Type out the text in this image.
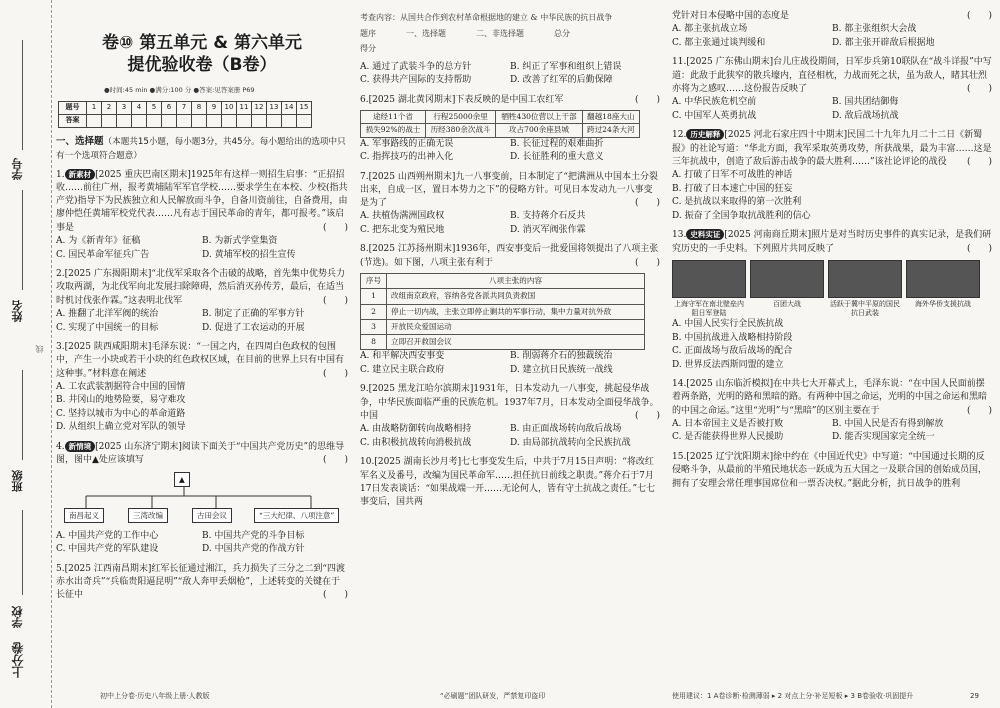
学号
姓名
线
班级
学校
上分卷
卷⑩ 第五单元 & 第六单元
提优验收卷（B卷）
●时间:45 min ●满分:100 分 ●答案:见答案册 P69
题号	1	2	3	4	5	6	7	8	9	10	11	12	13	14	15
答案															
一、选择题（本题共15小题，每小题3分，共45分。每小题给出的选项中只有一个选项符合题意）
1. 新素材 [2025 重庆巴南区期末]1925年有这样一则招生启事：“正招招收……前往广州，报考黄埔陆军军官学校……要求学生在本校、少校(指共产党)指导下为民族独立和人民解放而斗争，自备川资前往，自备费用，由廖仲恺任黄埔军校党代表……凡有志于国民革命的青年，都可报考。”该启事是	(　　)
A. 为《新青年》征稿	B. 为新式学堂集资
C. 国民革命军征兵广告	D. 黄埔军校的招生宣传
2.[2025 广东揭阳期末]“北伐军采取各个击破的战略，首先集中优势兵力攻取两湖，为北伐军向北发展扫除障碍，然后消灭孙传芳，最后，在适当时机讨伐张作霖。”这表明北伐军	(　　)
A. 推翻了北洋军阀的统治	B. 制定了正确的军事方针
C. 实现了中国统一的目标	D. 促进了工农运动的开展
3.[2025 陕西咸阳期末]毛泽东说：“一国之内，在四周白色政权的包围中，产生一小块或若干小块的红色政权区域，在目前的世界上只有中国有这种事。”材料意在阐述	(　　)
A. 工农武装割据符合中国的国情
B. 井冈山的地势险要，易守难攻
C. 坚持以城市为中心的革命道路
D. 从组织上确立党对军队的领导
4. 新情境 [2025 山东济宁期末]阅读下面关于“中国共产党历史”的思维导图，图中▲处应该填写	(　　)
▲
南昌起义	三湾改编	古田会议	“三大纪律、八项注意”
A. 中国共产党的工作中心	B. 中国共产党的斗争目标
C. 中国共产党的军队建设	D. 中国共产党的作战方针
5.[2025 江西南昌期末]红军长征通过湘江，兵力损失了三分之二到“四渡赤水出奇兵”“兵临贵阳逼昆明”“敌人奔甲丢烟枪”，上述转变的关键在于长征中	(　　)
考查内容：从国共合作到农村革命根据地的建立 & 中华民族的抗日战争
题序	一、选择题	二、非选择题	总分
得分
A. 通过了武装斗争的总方针	B. 纠正了军事和组织上错误
C. 获得共产国际的支持帮助	D. 改善了红军的后勤保障
6.[2025 湖北黄冈期末]下表反映的是中国工农红军	(　　)
途经11个省	行程25000余里	牺牲430位营以上干部	翻越18座大山
损失92%的战士	历经380余次战斗	攻占700余座县城	跨过24条大河
A. 军事路线的正确无误	B. 长征过程的艰难曲折
C. 指挥技巧的出神入化	D. 长征胜利的重大意义
7.[2025 山西朔州期末]九一八事变前，日本制定了“把满洲从中国本土分裂出来，自成一区，置日本势力之下”的侵略方针。可见日本发动九一八事变是为了	(　　)
A. 扶植伪满洲国政权	B. 支持蒋介石反共
C. 把东北变为殖民地	D. 消灭军阀张作霖
8.[2025 江苏扬州期末]1936年，西安事变后一批爱国将领提出了八项主张(节选)。如下图，八项主张有利于	(　　)
序号	八项主张的内容
1	改组南京政府，容纳各党各派共同负责救国
2	停止一切内战，主张立即停止剿共的军事行动，集中力量对抗外敌
3	开放民众爱国运动
8	立即召开救国会议
A. 和平解决西安事变	B. 削弱蒋介石的独裁统治
C. 建立民主联合政府	D. 建立抗日民族统一战线
9.[2025 黑龙江哈尔滨期末]1931年，日本发动九一八事变，挑起侵华战争，中华民族面临严重的民族危机。1937年7月，日本发动全面侵华战争。中国	(　　)
A. 由战略防御转向战略相持	B. 由正面战场转向敌后战场
C. 由积极抗战转向消极抗战	D. 由局部抗战转向全民族抗战
10.[2025 湖南长沙月考]七七事变发生后，中共于7月15日声明：“将改红军名义及番号，改编为国民革命军……担任抗日前线之职责。”蒋介石于7月17日发表谈话：“如果战端一开……无论何人，皆有守土抗战之责任。”七七事变后，国共两
党针对日本侵略中国的态度是	(　　)
A. 都主张抗战立场	B. 都主张组织大会战
C. 都主张通过谈判缓和	D. 都主张开辟敌后根据地
11.[2025 广东佛山期末]台儿庄战役期间，日军步兵第10联队在“战斗详报”中写道：此敌于此狭窄的散兵壕内，直径相枕，力战而死之状，虽为敌人，睹其壮烈亦将为之感叹……这份报告反映了	(　　)
A. 中华民族危机空前	B. 国共团结御侮
C. 中国军人英勇抗战	D. 敌后战场抗战
12. 历史解释 [2025 河北石家庄四十中期末]民国二十九年九月二十二日《新蜀报》的社论写道：“华北方面，我军采取英勇攻势，所获战果，最为丰富……这是三年抗战中，创造了敌后游击战争的最大胜利……”该社论评论的战役 (　　)
A. 打破了日军不可战胜的神话
B. 打破了日本速亡中国的狂妄
C. 是抗战以来取得的第一次胜利
D. 振奋了全国争取抗战胜利的信心
13. 史料实证 [2025 河南商丘期末]照片是对当时历史事件的真实记录，是我们研究历史的一手史料。下列照片共同反映了	(　　)
上海守军在南北壁垒内阻日军登陆
百团大战	活跃于冀中平原的国民抗日武装
海外华侨支援抗战
A. 中国人民实行全民族抗战
B. 中国抗战进入战略相持阶段
C. 正面战场与敌后战场的配合
D. 世界反法西斯同盟的建立
14.[2025 山东临沂模拟]在中共七大开幕式上，毛泽东说：“在中国人民面前摆着两条路，光明的路和黑暗的路。有两种中国之命运，光明的中国之命运和黑暗的中国之命运。”这里“光明”与“黑暗”的区别主要在于	(　　)
A. 日本帝国主义是否被打败	B. 中国人民是否有得到解放
C. 是否能获得世界人民援助	D. 能否实现国家完全统一
15.[2025 辽宁沈阳期末]徐中约在《中国近代史》中写道：“中国通过长期的反侵略斗争，从最前的半殖民地状态一跃成为五大国之一及联合国的创始成员国，拥有了安理会常任理事国席位和一票否决权。”据此分析，抗日战争的胜利
初中上分卷·历史八年级上册·人教版	“必刷题”团队研发，严禁复印盗印	使用建议：1 A卷诊断·检测薄弱 ▸ 2 对点上分·补足短板 ▸ 3 B卷验收·巩固提升	29
